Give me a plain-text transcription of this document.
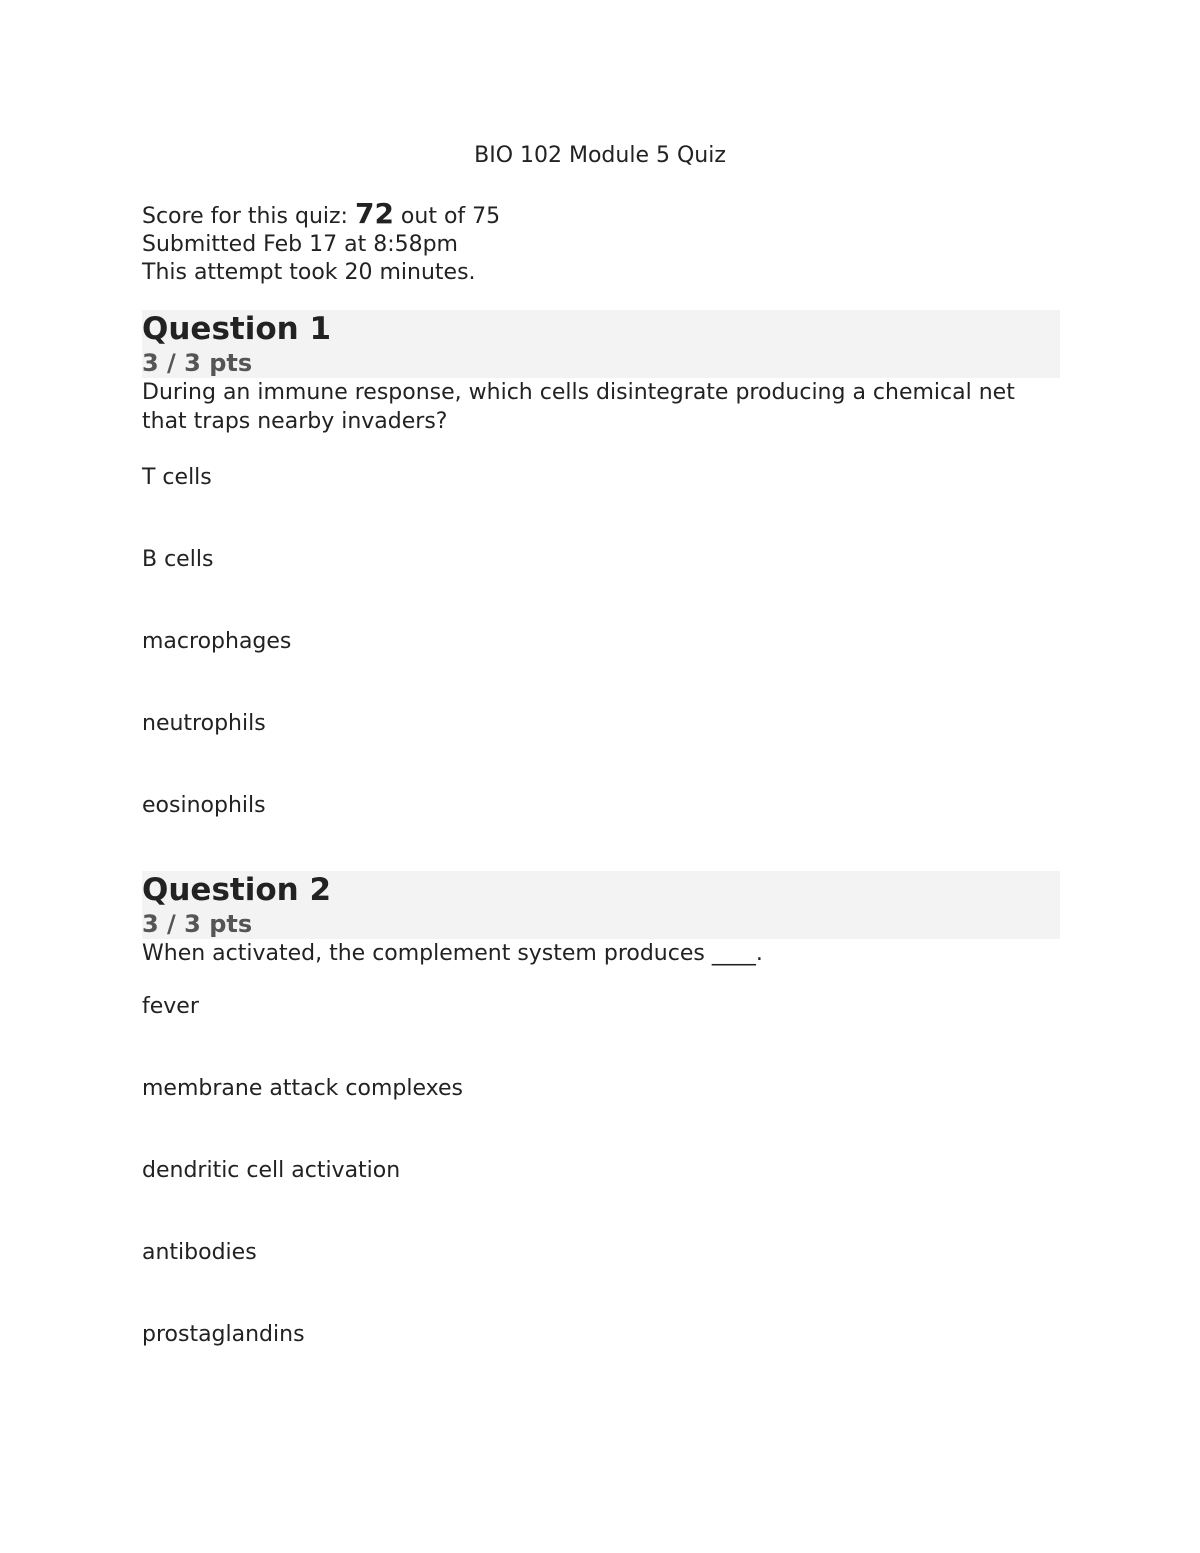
BIO 102 Module 5 Quiz
Score for this quiz: 72 out of 75
Submitted Feb 17 at 8:58pm
This attempt took 20 minutes.
Question 1
3 / 3 pts
During an immune response, which cells disintegrate producing a chemical net that traps nearby invaders?
T cells
B cells
macrophages
neutrophils
eosinophils
Question 2
3 / 3 pts
When activated, the complement system produces ____.
fever
membrane attack complexes
dendritic cell activation
antibodies
prostaglandins
